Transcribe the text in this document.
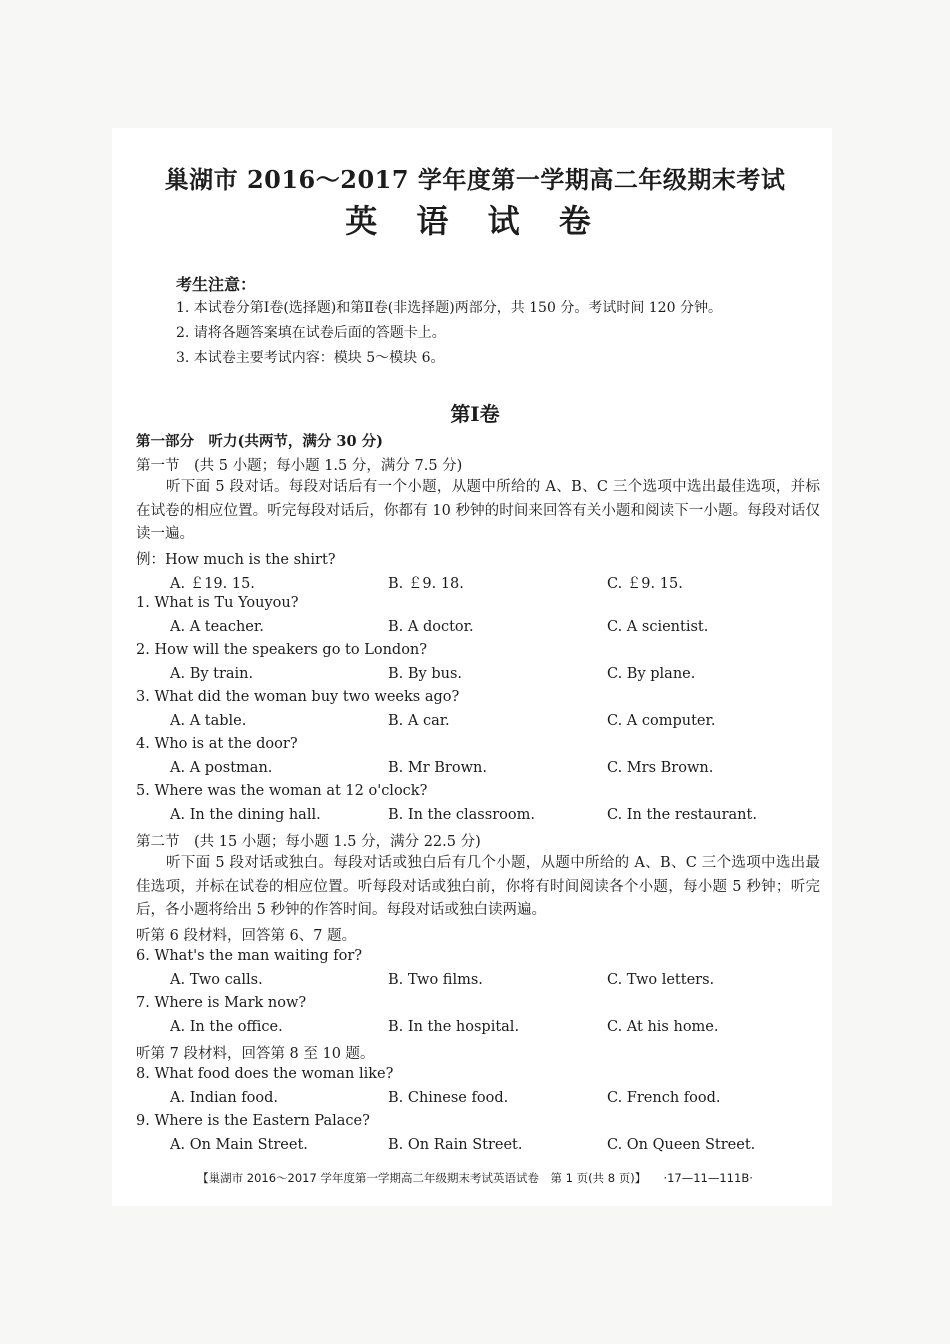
巢湖市 2016～2017 学年度第一学期高二年级期末考试
英 语 试 卷
考生注意：
1. 本试卷分第Ⅰ卷(选择题)和第Ⅱ卷(非选择题)两部分，共 150 分。考试时间 120 分钟。
2. 请将各题答案填在试卷后面的答题卡上。
3. 本试卷主要考试内容：模块 5～模块 6。
第Ⅰ卷
第一部分　听力(共两节，满分 30 分)
第一节　(共 5 小题；每小题 1.5 分，满分 7.5 分)
听下面 5 段对话。每段对话后有一个小题，从题中所给的 A、B、C 三个选项中选出最佳选项，并标在试卷的相应位置。听完每段对话后，你都有 10 秒钟的时间来回答有关小题和阅读下一小题。每段对话仅读一遍。
例：How much is the shirt?
A. ￡19. 15.	B. ￡9. 18.	C. ￡9. 15.
1. What is Tu Youyou?
A. A teacher.	B. A doctor.	C. A scientist.
2. How will the speakers go to London?
A. By train.	B. By bus.	C. By plane.
3. What did the woman buy two weeks ago?
A. A table.	B. A car.	C. A computer.
4. Who is at the door?
A. A postman.	B. Mr Brown.	C. Mrs Brown.
5. Where was the woman at 12 o'clock?
A. In the dining hall.	B. In the classroom.	C. In the restaurant.
第二节　(共 15 小题；每小题 1.5 分，满分 22.5 分)
听下面 5 段对话或独白。每段对话或独白后有几个小题，从题中所给的 A、B、C 三个选项中选出最佳选项，并标在试卷的相应位置。听每段对话或独白前，你将有时间阅读各个小题，每小题 5 秒钟；听完后，各小题将给出 5 秒钟的作答时间。每段对话或独白读两遍。
听第 6 段材料，回答第 6、7 题。
6. What's the man waiting for?
A. Two calls.	B. Two films.	C. Two letters.
7. Where is Mark now?
A. In the office.	B. In the hospital.	C. At his home.
听第 7 段材料，回答第 8 至 10 题。
8. What food does the woman like?
A. Indian food.	B. Chinese food.	C. French food.
9. Where is the Eastern Palace?
A. On Main Street.	B. On Rain Street.	C. On Queen Street.
【巢湖市 2016～2017 学年度第一学期高二年级期末考试英语试卷　第 1 页(共 8 页)】　　·17—11—111B·
